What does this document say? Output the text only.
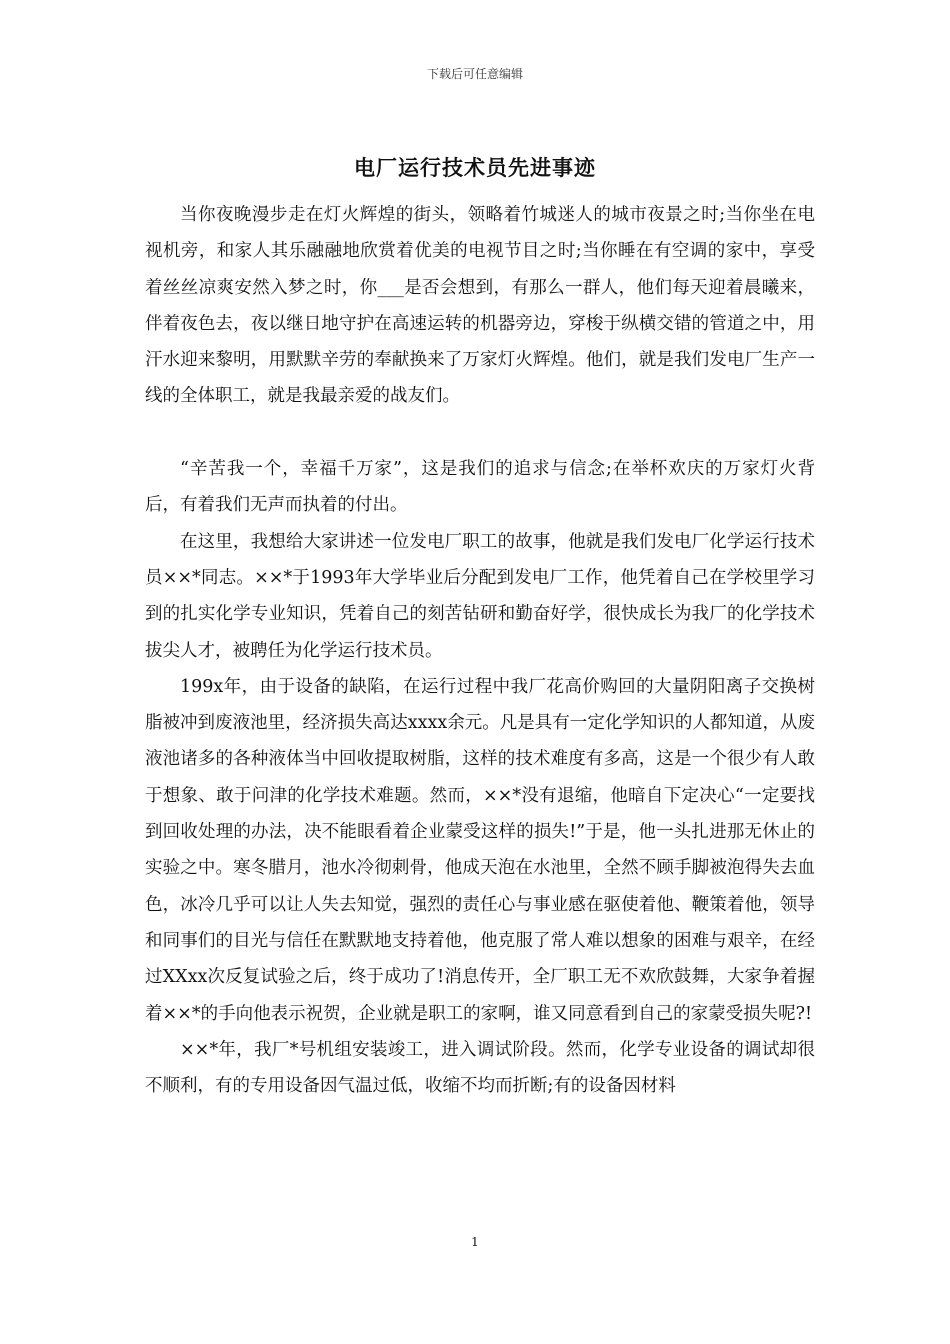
下载后可任意编辑
电厂运行技术员先进事迹

当你夜晚漫步走在灯火辉煌的街头，领略着竹城迷人的城市夜景之时;当你坐在电视机旁，和家人其乐融融地欣赏着优美的电视节目之时;当你睡在有空调的家中，享受着丝丝凉爽安然入梦之时，你___是否会想到，有那么一群人，他们每天迎着晨曦来，伴着夜色去，夜以继日地守护在高速运转的机器旁边，穿梭于纵横交错的管道之中，用汗水迎来黎明，用默默辛劳的奉献换来了万家灯火辉煌。他们，就是我们发电厂生产一线的全体职工，就是我最亲爱的战友们。

“辛苦我一个，幸福千万家”，这是我们的追求与信念;在举杯欢庆的万家灯火背后，有着我们无声而执着的付出。

在这里，我想给大家讲述一位发电厂职工的故事，他就是我们发电厂化学运行技术员××*同志。××*于1993年大学毕业后分配到发电厂工作，他凭着自己在学校里学习到的扎实化学专业知识，凭着自己的刻苦钻研和勤奋好学，很快成长为我厂的化学技术拔尖人才，被聘任为化学运行技术员。

199x年，由于设备的缺陷，在运行过程中我厂花高价购回的大量阴阳离子交换树脂被冲到废液池里，经济损失高达xxxx余元。凡是具有一定化学知识的人都知道，从废液池诸多的各种液体当中回收提取树脂，这样的技术难度有多高，这是一个很少有人敢于想象、敢于问津的化学技术难题。然而，××*没有退缩，他暗自下定决心“一定要找到回收处理的办法，决不能眼看着企业蒙受这样的损失!”于是，他一头扎进那无休止的实验之中。寒冬腊月，池水冷彻刺骨，他成天泡在水池里，全然不顾手脚被泡得失去血色，冰冷几乎可以让人失去知觉，强烈的责任心与事业感在驱使着他、鞭策着他，领导和同事们的目光与信任在默默地支持着他，他克服了常人难以想象的困难与艰辛，在经过XXxx次反复试验之后，终于成功了!消息传开，全厂职工无不欢欣鼓舞，大家争着握着××*的手向他表示祝贺，企业就是职工的家啊，谁又同意看到自己的家蒙受损失呢?!

××*年，我厂*号机组安装竣工，进入调试阶段。然而，化学专业设备的调试却很不顺利，有的专用设备因气温过低，收缩不均而折断;有的设备因材料

1
